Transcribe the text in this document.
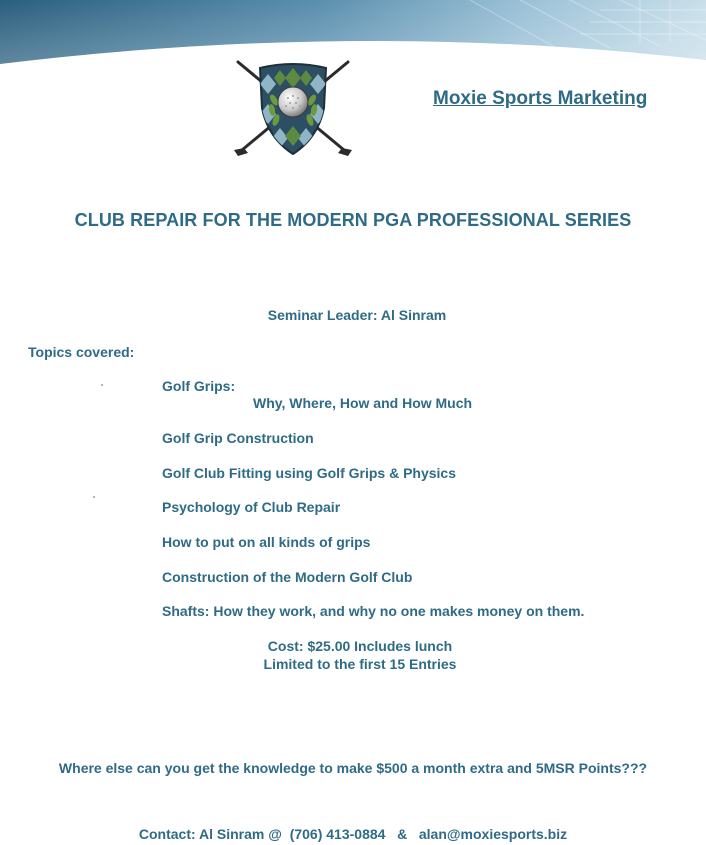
Moxie Sports Marketing
CLUB REPAIR FOR THE MODERN PGA PROFESSIONAL SERIES
Seminar Leader: Al Sinram
Topics covered:
Golf Grips:
Why, Where, How and How Much
Golf Grip Construction
Golf Club Fitting using Golf Grips & Physics
Psychology of Club Repair
How to put on all kinds of grips
Construction of the Modern Golf Club
Shafts: How they work, and why no one makes money on them.
Cost: $25.00 Includes lunch
Limited to the first 15 Entries
Where else can you get the knowledge to make $500 a month extra and 5MSR Points???
Contact: Al Sinram @  (706) 413-0884   &   alan@moxiesports.biz
